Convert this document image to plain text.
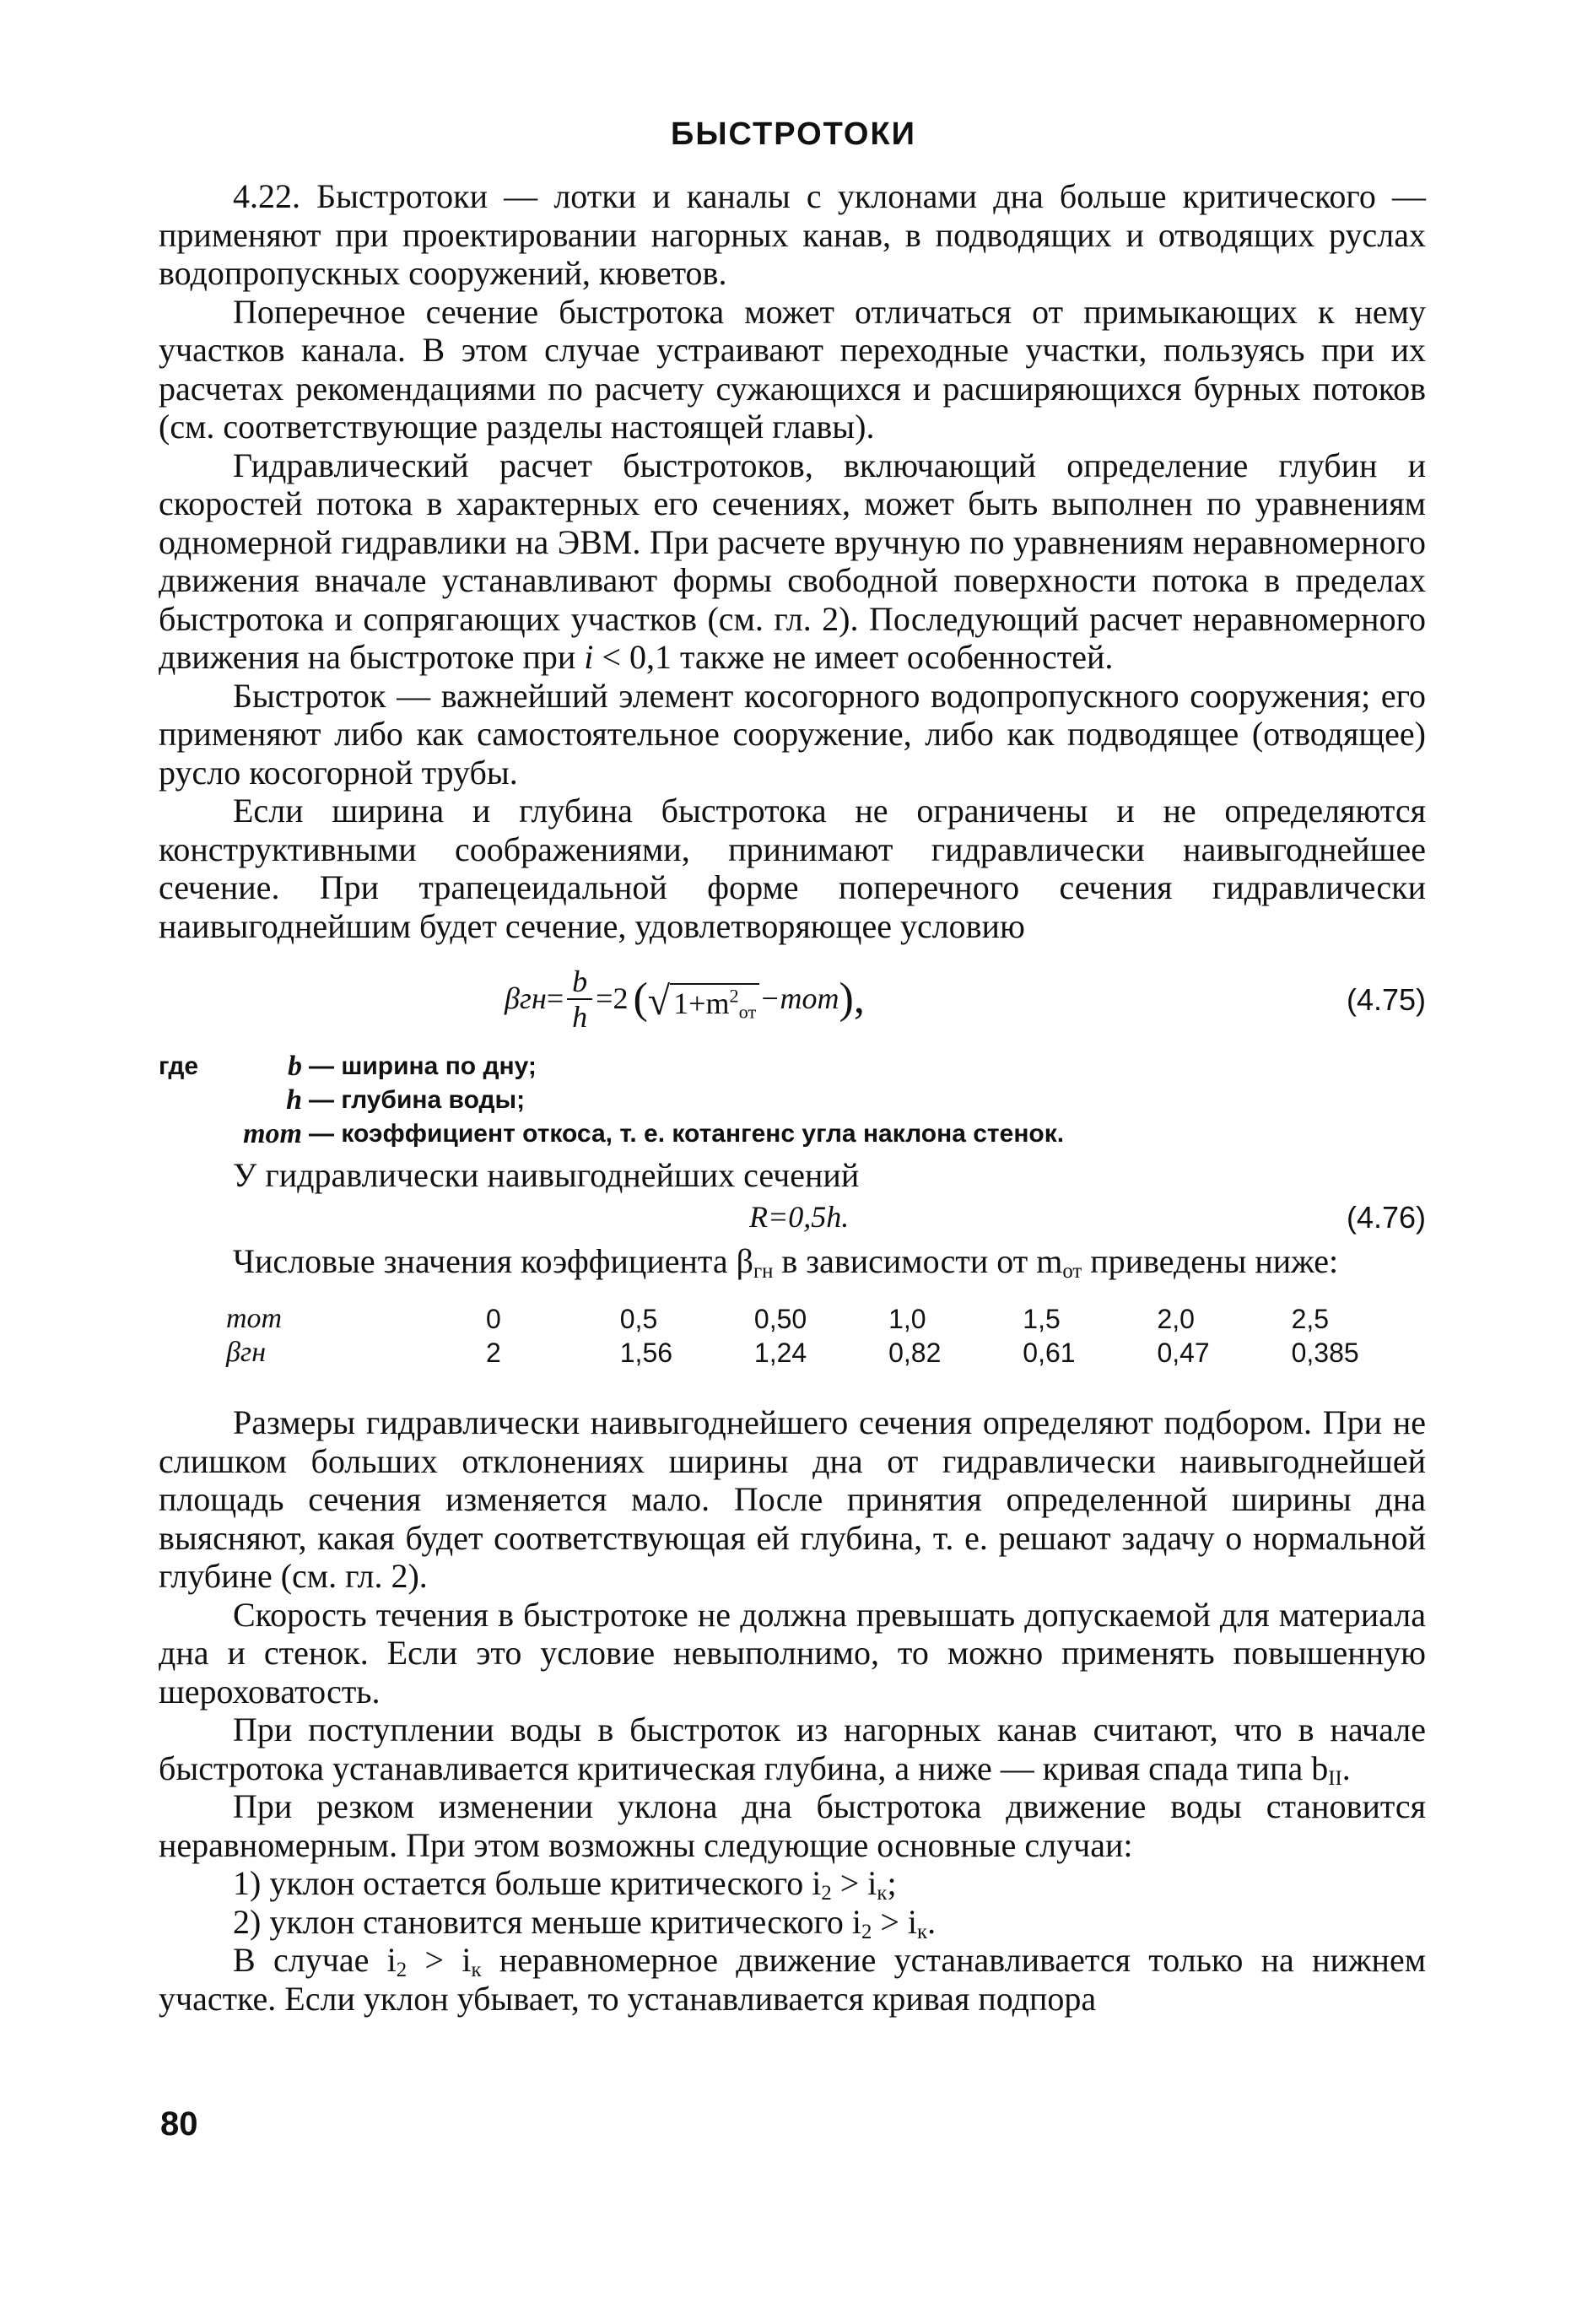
БЫСТРОТОКИ

4.22. Быстротоки — лотки и каналы с уклонами дна больше критического — применяют при проектировании нагорных канав, в подводящих и отводящих руслах водопропускных сооружений, кюветов.

Поперечное сечение быстротока может отличаться от примыкающих к нему участков канала. В этом случае устраивают переходные участки, пользуясь при их расчетах рекомендациями по расчету сужающихся и расширяющихся бурных потоков (см. соответствующие разделы настоящей главы).

Гидравлический расчет быстротоков, включающий определение глубин и скоростей потока в характерных его сечениях, может быть выполнен по уравнениям одномерной гидравлики на ЭВМ. При расчете вручную по уравнениям неравномерного движения вначале устанавливают формы свободной поверхности потока в пределах быстротока и сопрягающих участков (см. гл. 2). Последующий расчет неравномерного движения на быстротоке при i < 0,1 также не имеет особенностей.

Быстроток — важнейший элемент косогорного водопропускного сооружения; его применяют либо как самостоятельное сооружение, либо как подводящее (отводящее) русло косогорной трубы.

Если ширина и глубина быстротока не ограничены и не определяются конструктивными соображениями, принимают гидравлически наивыгоднейшее сечение. При трапецеидальной форме поперечного сечения гидравлически наивыгоднейшим будет сечение, удовлетворяющее условию

$\beta гн = \frac{b}{h} =2$ ( √ $1+m^2_{от} -mот$ ),	(4.75)
где	b — ширина по дну;
h — глубина воды;
mот — коэффициент откоса, т. е. котангенс угла наклона стенок.

У гидравлически наивыгоднейших сечений

R=0,5h.	(4.76)

Числовые значения коэффициента $\beta_{гн}$ в зависимости от $m_{от}$ приведены ниже:

mот	0	0,5	0,50	1,0	1,5	2,0	2,5
βгн	2	1,56	1,24	0,82	0,61	0,47	0,385

Размеры гидравлически наивыгоднейшего сечения определяют подбором. При не слишком больших отклонениях ширины дна от гидравлически наивыгоднейшей площадь сечения изменяется мало. После принятия определенной ширины дна выясняют, какая будет соответствующая ей глубина, т. е. решают задачу о нормальной глубине (см. гл. 2).

Скорость течения в быстротоке не должна превышать допускаемой для материала дна и стенок. Если это условие невыполнимо, то можно применять повышенную шероховатость.

При поступлении воды в быстроток из нагорных канав считают, что в начале быстротока устанавливается критическая глубина, а ниже — кривая спада типа $b_{II}$.

При резком изменении уклона дна быстротока движение воды становится неравномерным. При этом возможны следующие основные случаи:

1) уклон остается больше критического $i_2 > i_к$;

2) уклон становится меньше критического $i_2 > i_к$.

В случае $i_2 > i_к$ неравномерное движение устанавливается только на нижнем участке. Если уклон убывает, то устанавливается кривая подпора

80
